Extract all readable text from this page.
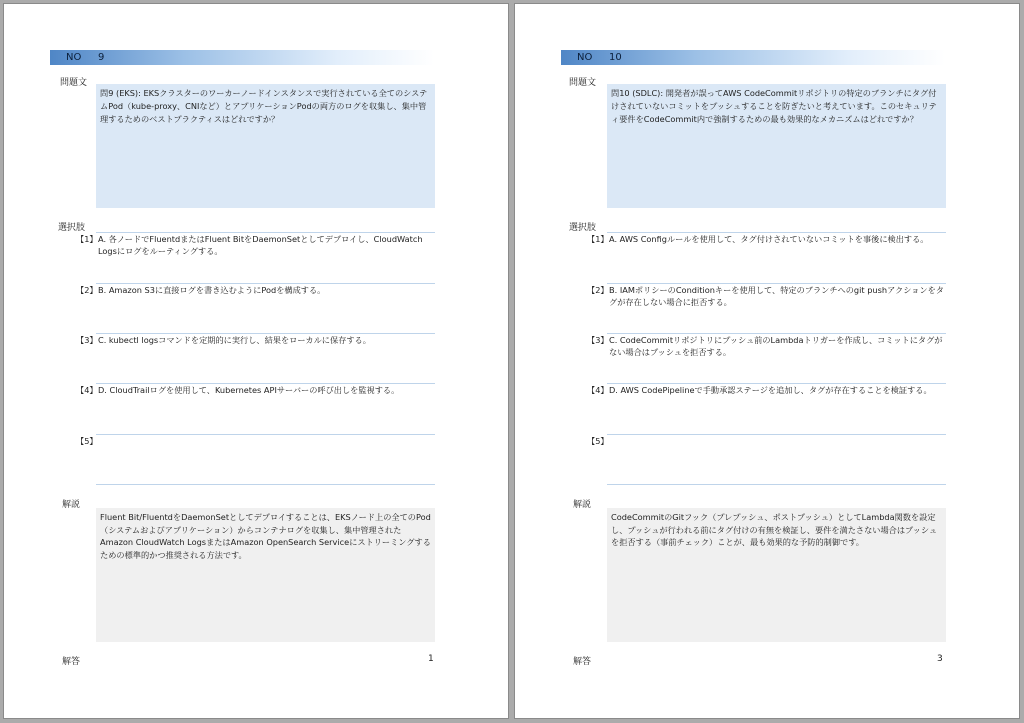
NO 9
問題文
問9 (EKS): EKSクラスターのワーカーノードインスタンスで実行されている全てのシステムPod（kube-proxy、CNIなど）とアプリケーションPodの両方のログを収集し、集中管理するためのベストプラクティスはどれですか？
選択肢
【1】 A. 各ノードでFluentdまたはFluent BitをDaemonSetとしてデプロイし、CloudWatch Logsにログをルーティングする。
【2】 B. Amazon S3に直接ログを書き込むようにPodを構成する。
【3】 C. kubectl logsコマンドを定期的に実行し、結果をローカルに保存する。
【4】 D. CloudTrailログを使用して、Kubernetes APIサーバーの呼び出しを監視する。
【5】
解説
Fluent Bit/FluentdをDaemonSetとしてデプロイすることは、EKSノード上の全てのPod（システムおよびアプリケーション）からコンテナログを収集し、集中管理されたAmazon CloudWatch LogsまたはAmazon OpenSearch Serviceにストリーミングするための標準的かつ推奨される方法です。
解答	1
NO 10
問題文
問10 (SDLC): 開発者が誤ってAWS CodeCommitリポジトリの特定のブランチにタグ付けされていないコミットをプッシュすることを防ぎたいと考えています。このセキュリティ要件をCodeCommit内で強制するための最も効果的なメカニズムはどれですか？
選択肢
【1】 A. AWS Configルールを使用して、タグ付けされていないコミットを事後に検出する。
【2】 B. IAMポリシーのConditionキーを使用して、特定のブランチへのgit pushアクションをタグが存在しない場合に拒否する。
【3】 C. CodeCommitリポジトリにプッシュ前のLambdaトリガーを作成し、コミットにタグがない場合はプッシュを拒否する。
【4】 D. AWS CodePipelineで手動承認ステージを追加し、タグが存在することを検証する。
【5】
解説
CodeCommitのGitフック（プレプッシュ、ポストプッシュ）としてLambda関数を設定し、プッシュが行われる前にタグ付けの有無を検証し、要件を満たさない場合はプッシュを拒否する（事前チェック）ことが、最も効果的な予防的制御です。
解答	3
